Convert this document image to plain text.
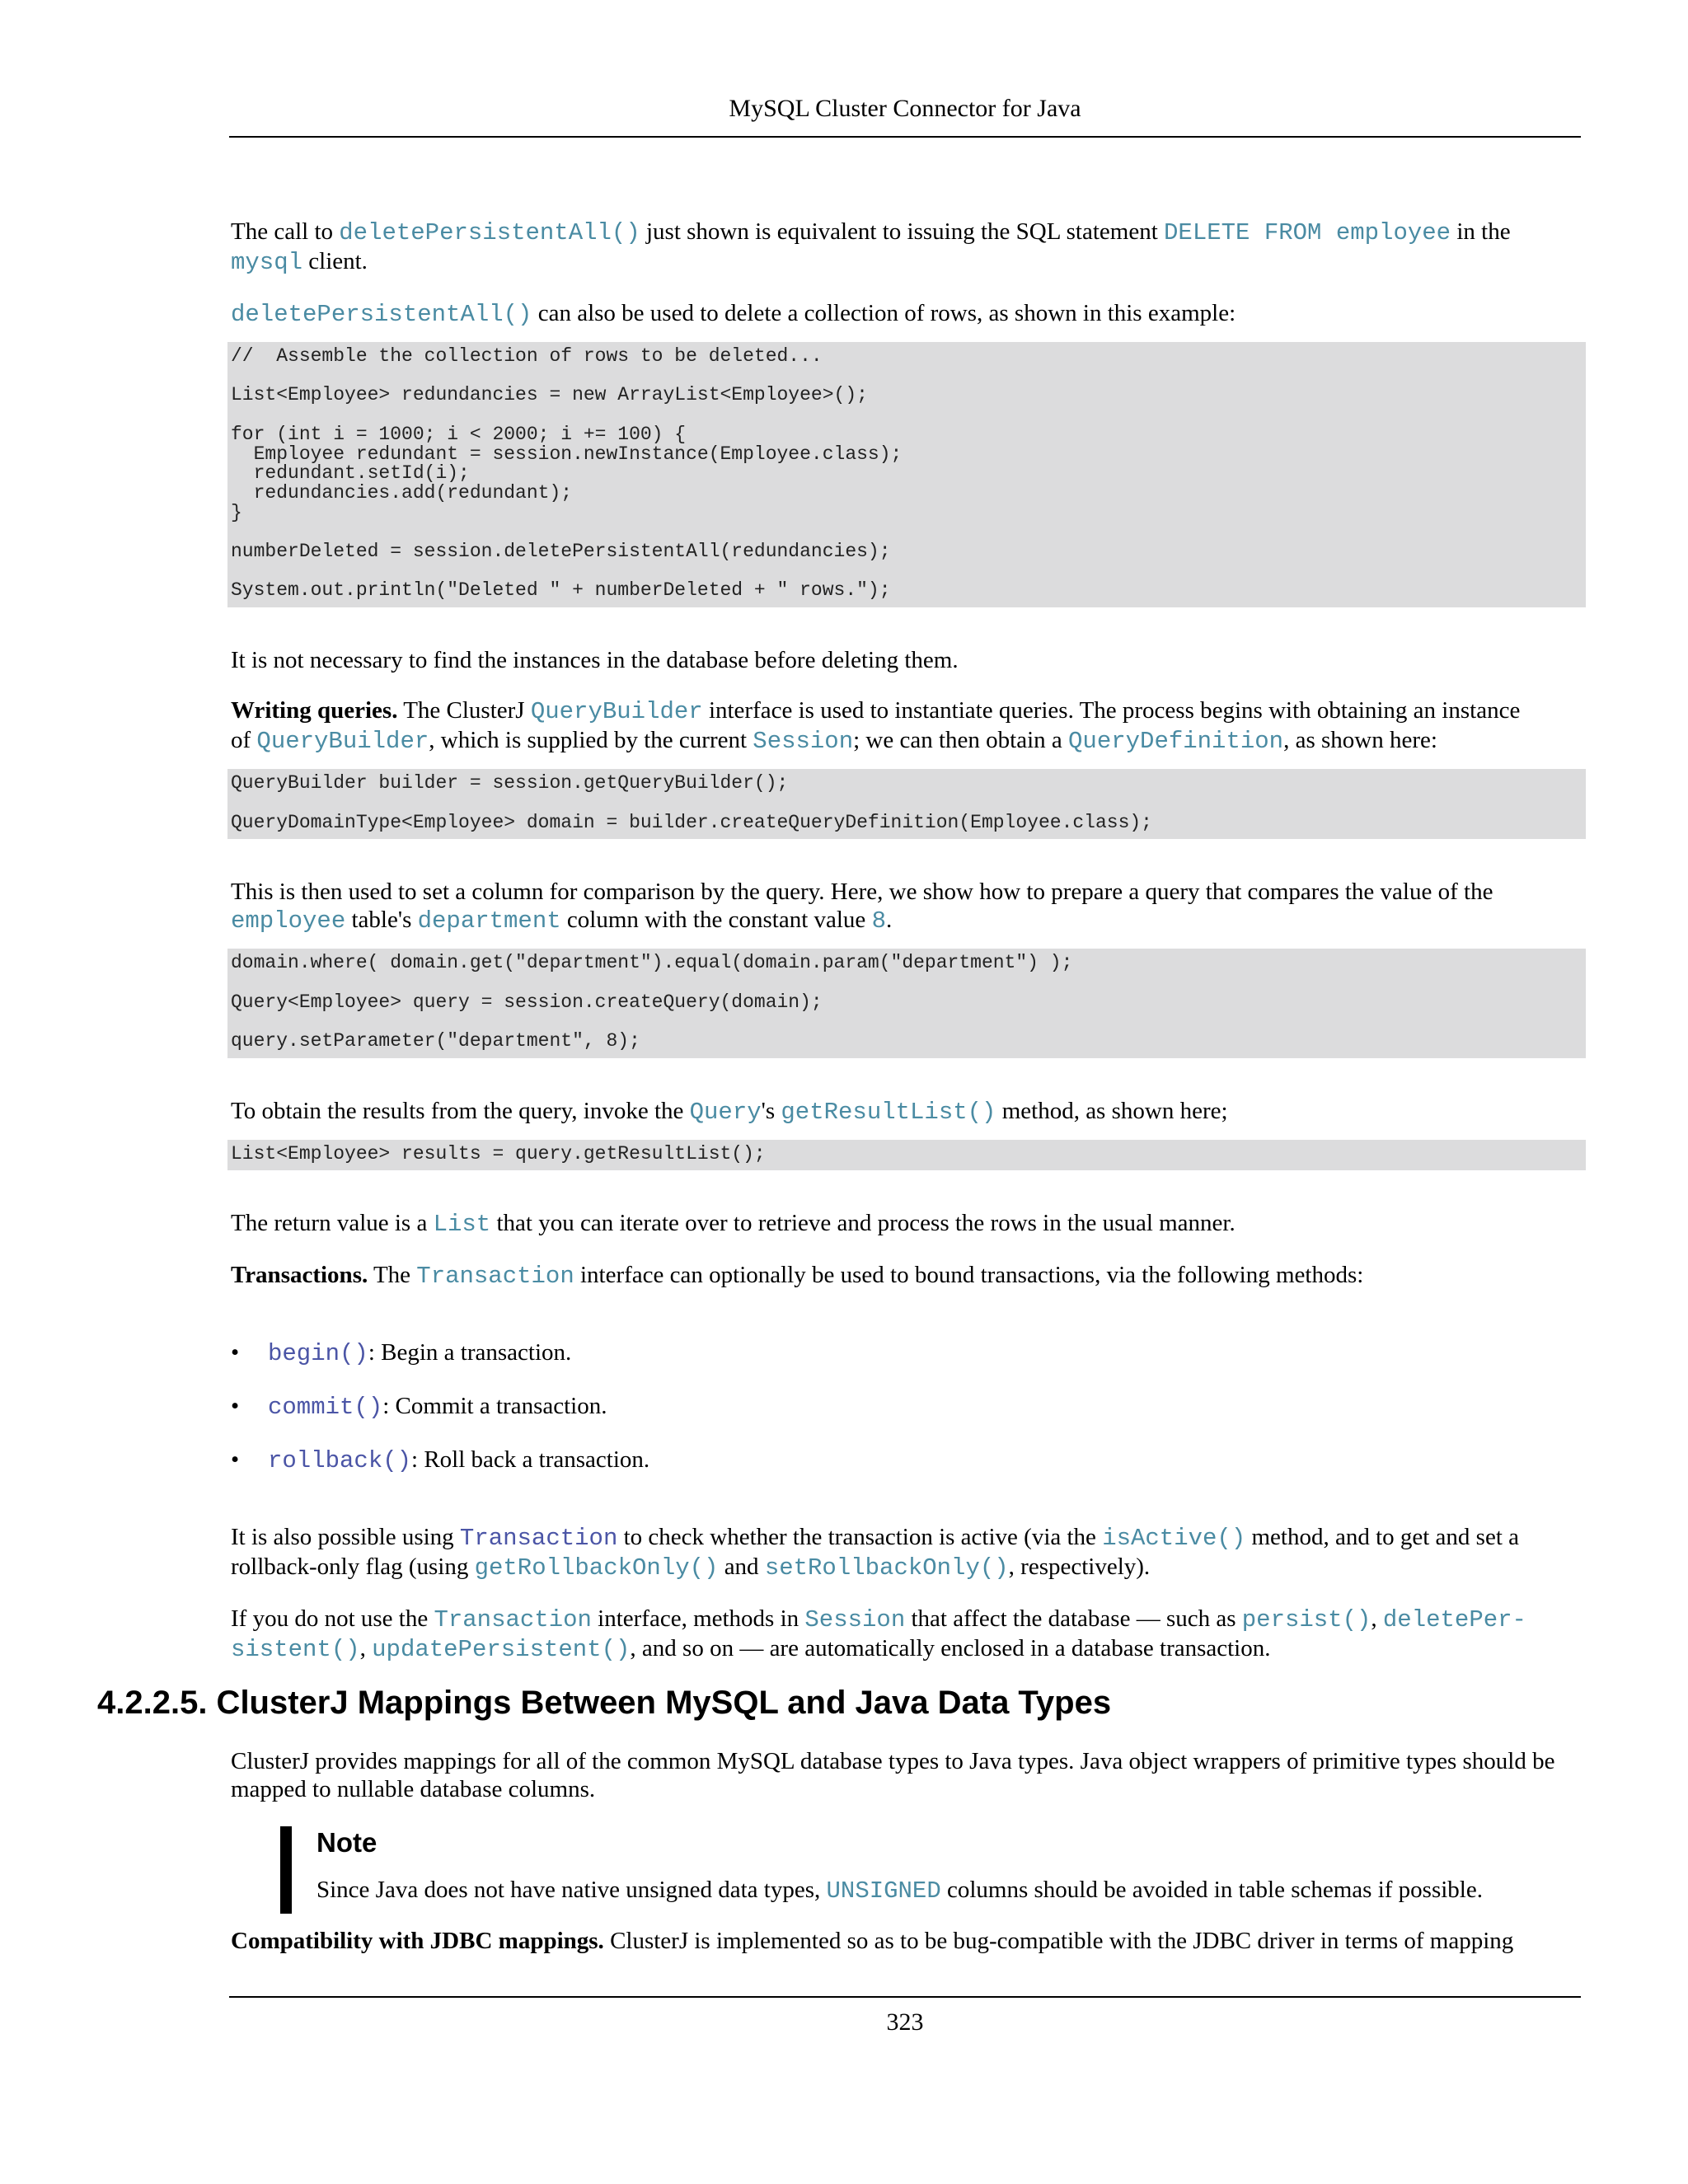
MySQL Cluster Connector for Java

The call to deletePersistentAll() just shown is equivalent to issuing the SQL statement DELETE FROM employee in the
mysql client.

deletePersistentAll() can also be used to delete a collection of rows, as shown in this example:

//  Assemble the collection of rows to be deleted...

List<Employee> redundancies = new ArrayList<Employee>();

for (int i = 1000; i < 2000; i += 100) {
Employee redundant = session.newInstance(Employee.class);
redundant.setId(i);
redundancies.add(redundant);
}

numberDeleted = session.deletePersistentAll(redundancies);

System.out.println("Deleted " + numberDeleted + " rows.");

It is not necessary to find the instances in the database before deleting them.

Writing queries. The ClusterJ QueryBuilder interface is used to instantiate queries. The process begins with obtaining an instance
of QueryBuilder, which is supplied by the current Session; we can then obtain a QueryDefinition, as shown here:

QueryBuilder builder = session.getQueryBuilder();

QueryDomainType<Employee> domain = builder.createQueryDefinition(Employee.class);

This is then used to set a column for comparison by the query. Here, we show how to prepare a query that compares the value of the
employee table's department column with the constant value 8.

domain.where( domain.get("department").equal(domain.param("department") );

Query<Employee> query = session.createQuery(domain);

query.setParameter("department", 8);

To obtain the results from the query, invoke the Query's getResultList() method, as shown here;

List<Employee> results = query.getResultList();

The return value is a List that you can iterate over to retrieve and process the rows in the usual manner.

Transactions. The Transaction interface can optionally be used to bound transactions, via the following methods:

• begin(): Begin a transaction.
• commit(): Commit a transaction.
• rollback(): Roll back a transaction.

It is also possible using Transaction to check whether the transaction is active (via the isActive() method, and to get and set a
rollback-only flag (using getRollbackOnly() and setRollbackOnly(), respectively).

If you do not use the Transaction interface, methods in Session that affect the database — such as persist(), deletePer-
sistent(), updatePersistent(), and so on — are automatically enclosed in a database transaction.

4.2.2.5. ClusterJ Mappings Between MySQL and Java Data Types

ClusterJ provides mappings for all of the common MySQL database types to Java types. Java object wrappers of primitive types should be mapped to nullable database columns.

Note

Since Java does not have native unsigned data types, UNSIGNED columns should be avoided in table schemas if possible.

Compatibility with JDBC mappings. ClusterJ is implemented so as to be bug-compatible with the JDBC driver in terms of mapping

323
